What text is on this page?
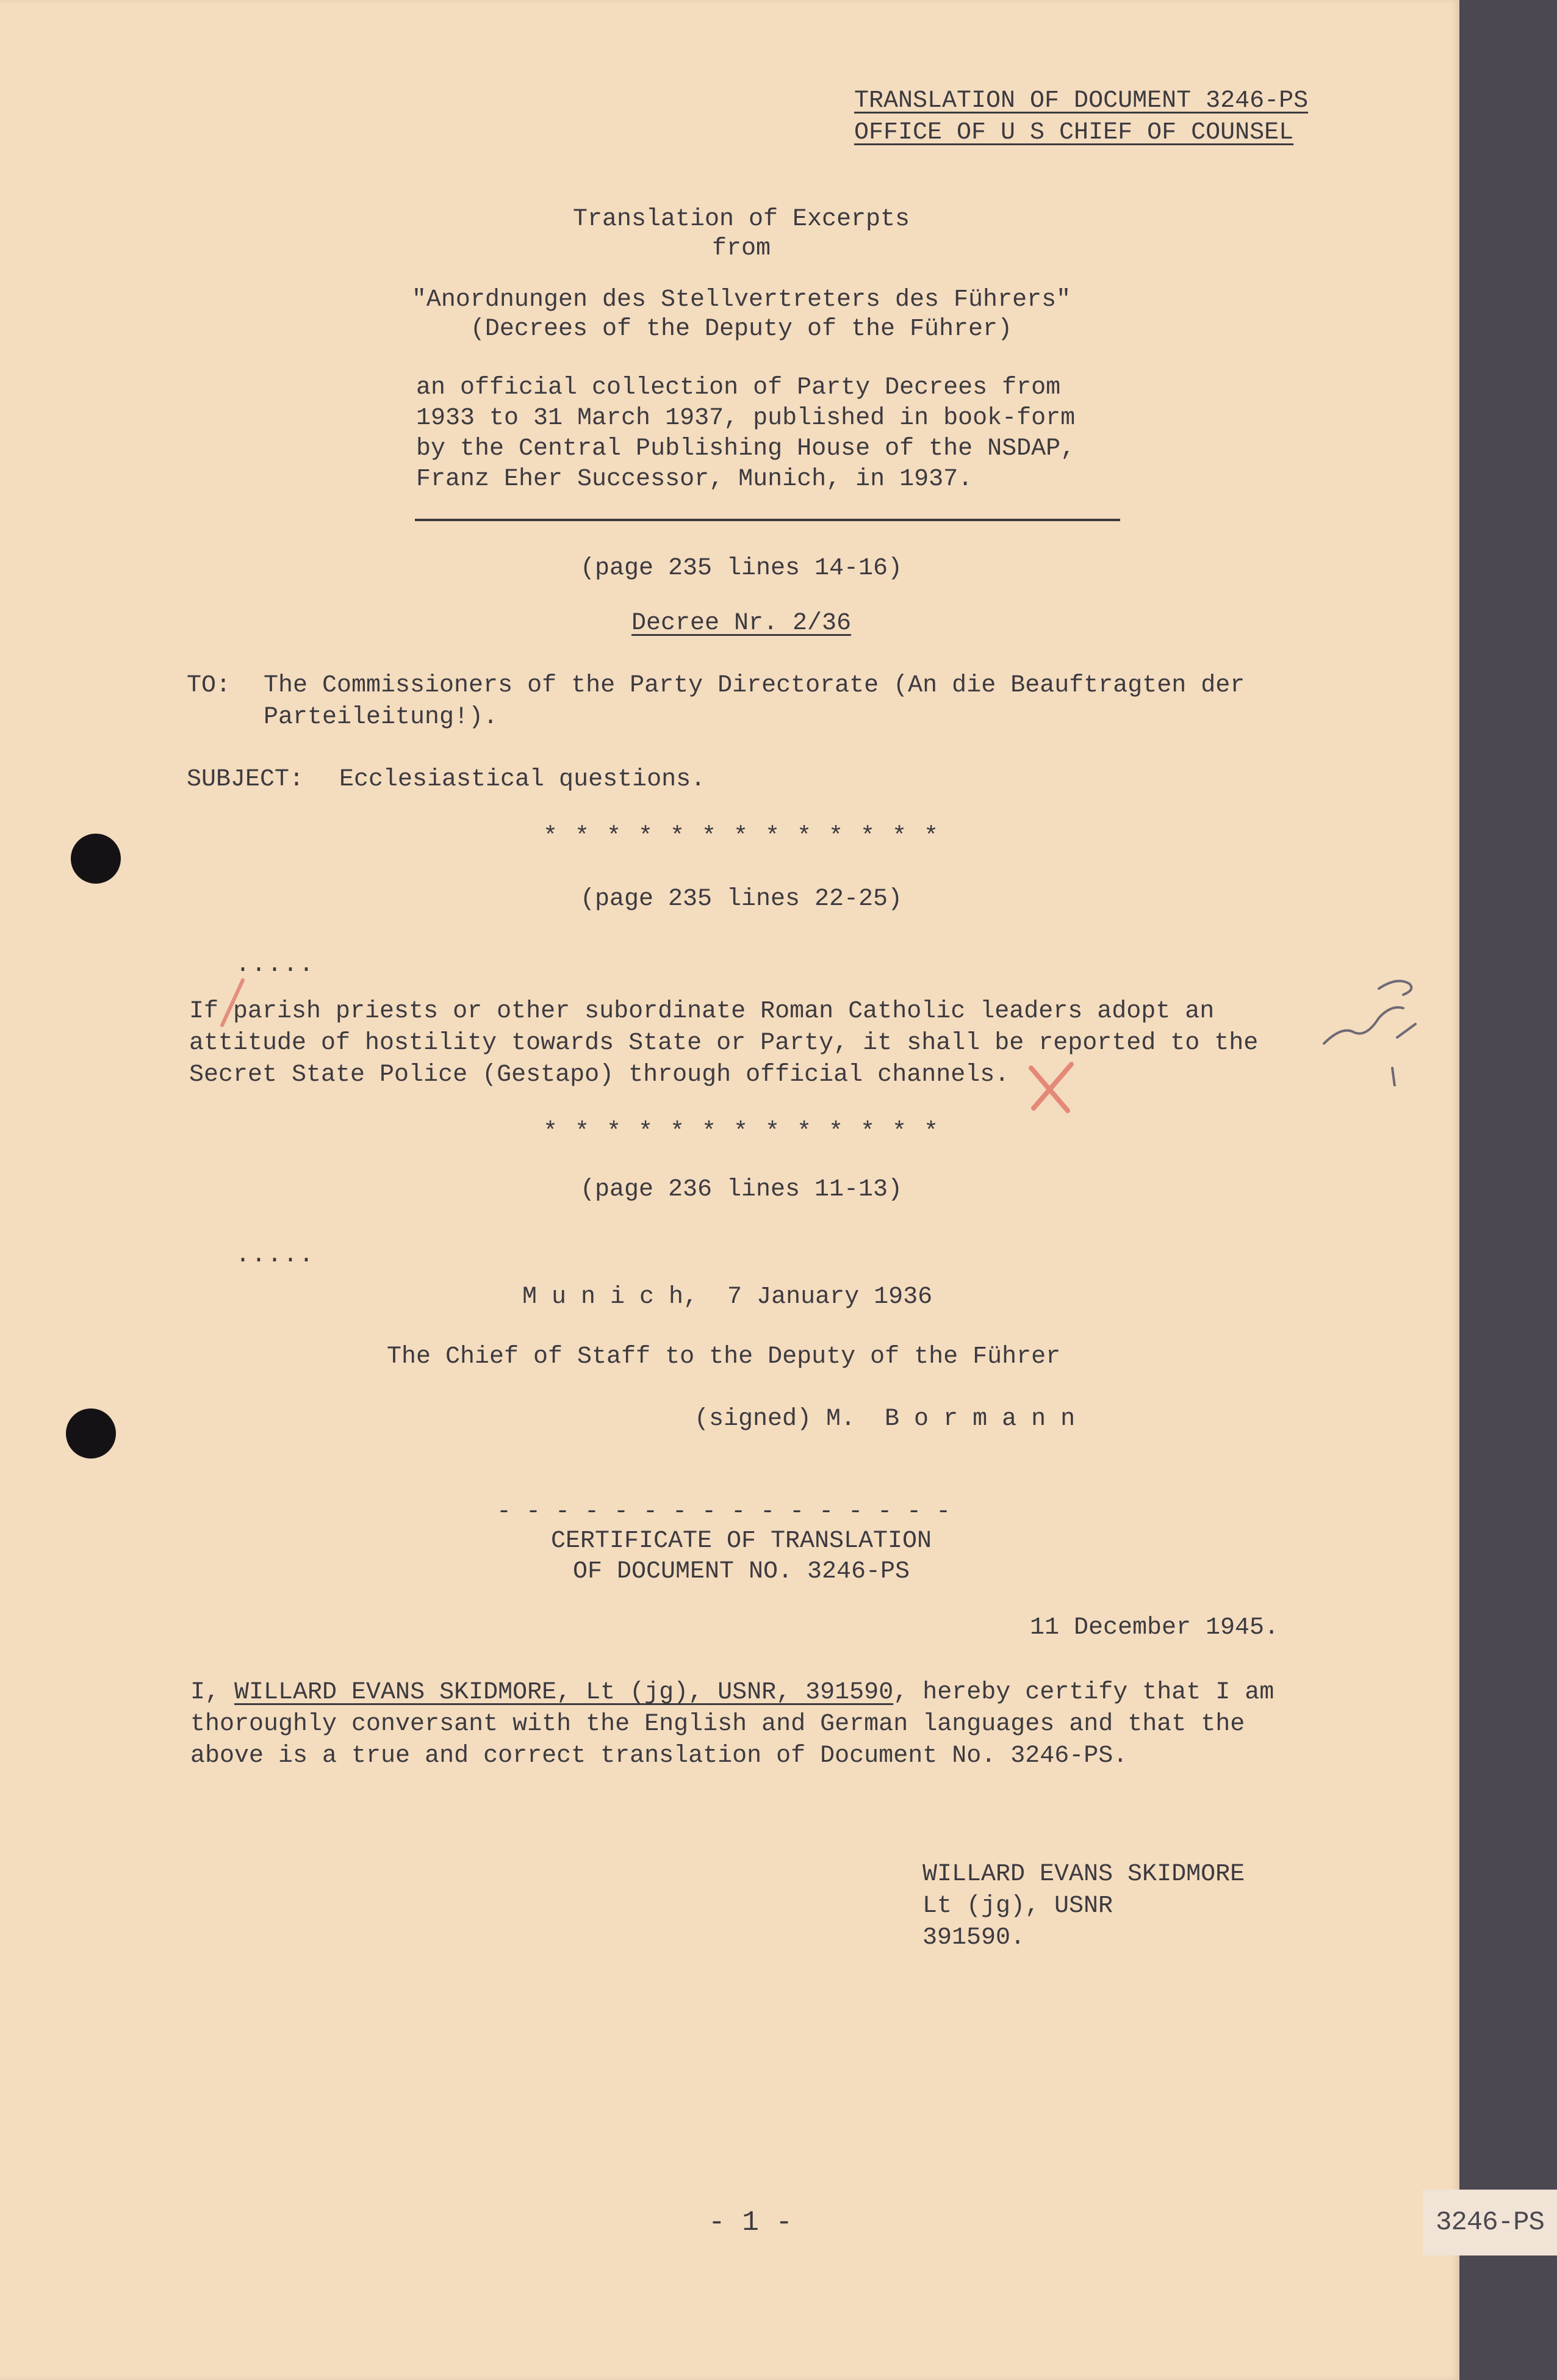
TRANSLATION OF DOCUMENT 3246-PS
OFFICE OF U S CHIEF OF COUNSEL
Translation of Excerpts
from
"Anordnungen des Stellvertreters des Führers"
(Decrees of the Deputy of the Führer)
an official collection of Party Decrees from
1933 to 31 March 1937, published in book-form
by the Central Publishing House of the NSDAP,
Franz Eher Successor, Munich, in 1937.
(page 235 lines 14-16)
Decree Nr. 2/36
TO: The Commissioners of the Party Directorate (An die Beauftragten der
Parteileitung!).
SUBJECT: Ecclesiastical questions.
* * * * * * * * * * * * *
(page 235 lines 22-25)
.....
If parish priests or other subordinate Roman Catholic leaders adopt an
attitude of hostility towards State or Party, it shall be reported to the
Secret State Police (Gestapo) through official channels.
* * * * * * * * * * * * *
(page 236 lines 11-13)
.....
M u n i c h,  7 January 1936
The Chief of Staff to the Deputy of the Führer
(signed) M.  B o r m a n n
- - - - - - - - - - - - - - - -
CERTIFICATE OF TRANSLATION
OF DOCUMENT NO. 3246-PS
11 December 1945.
I, WILLARD EVANS SKIDMORE, Lt (jg), USNR, 391590, hereby certify that I am
thoroughly conversant with the English and German languages and that the
above is a true and correct translation of Document No. 3246-PS.
WILLARD EVANS SKIDMORE
Lt (jg), USNR
391590.
- 1 -	3246-PS
